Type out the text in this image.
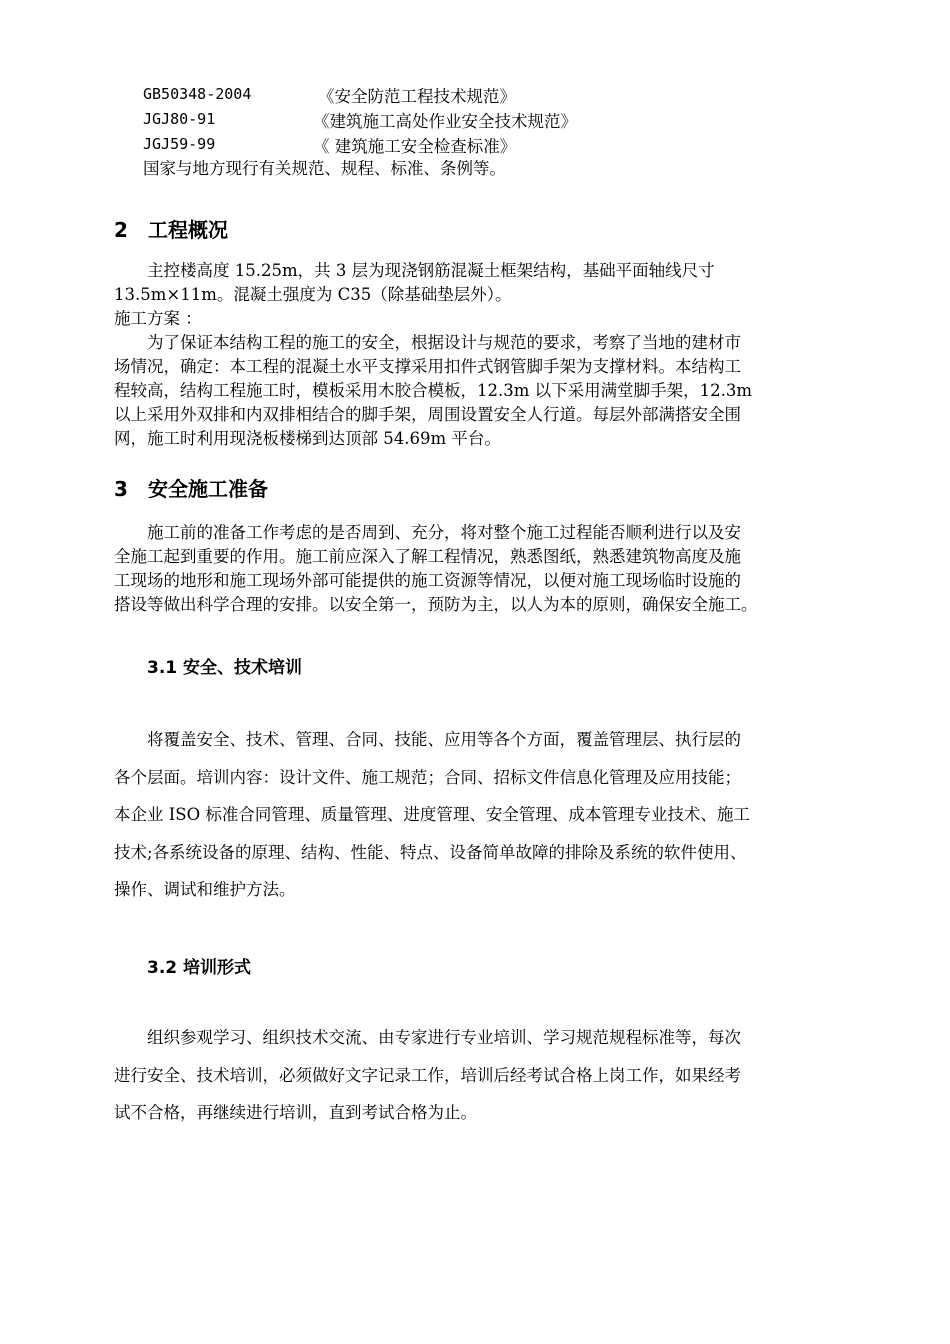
GB50348-2004	《安全防范工程技术规范》
JGJ80-91	《建筑施工高处作业安全技术规范》
JGJ59-99	《 建筑施工安全检查标准》
国家与地方现行有关规范、规程、标准、条例等。
2 工程概况
　　主控楼高度 15.25m，共 3 层为现浇钢筋混凝土框架结构，基础平面轴线尺寸
13.5m×11m。混凝土强度为 C35（除基础垫层外）。
施工方案 ：
　　为了保证本结构工程的施工的安全，根据设计与规范的要求，考察了当地的建材市
场情况，确定：本工程的混凝土水平支撑采用扣件式钢管脚手架为支撑材料。本结构工
程较高，结构工程施工时，模板采用木胶合模板，12.3m 以下采用满堂脚手架，12.3m
以上采用外双排和内双排相结合的脚手架，周围设置安全人行道。每层外部满搭安全围
网，施工时利用现浇板楼梯到达顶部 54.69m 平台。
3 安全施工准备
　　施工前的准备工作考虑的是否周到、充分，将对整个施工过程能否顺利进行以及安
全施工起到重要的作用。施工前应深入了解工程情况，熟悉图纸，熟悉建筑物高度及施
工现场的地形和施工现场外部可能提供的施工资源等情况，以便对施工现场临时设施的
搭设等做出科学合理的安排。以安全第一，预防为主，以人为本的原则，确保安全施工。
3.1 安全、技术培训
　　将覆盖安全、技术、管理、合同、技能、应用等各个方面，覆盖管理层、执行层的
各个层面。培训内容：设计文件、施工规范；合同、招标文件信息化管理及应用技能；
本企业 ISO 标准合同管理、质量管理、进度管理、安全管理、成本管理专业技术、施工
技术;各系统设备的原理、结构、性能、特点、设备简单故障的排除及系统的软件使用、
操作、调试和维护方法。
3.2 培训形式
　　组织参观学习、组织技术交流、由专家进行专业培训、学习规范规程标准等，每次
进行安全、技术培训，必须做好文字记录工作，培训后经考试合格上岗工作，如果经考
试不合格，再继续进行培训，直到考试合格为止。
